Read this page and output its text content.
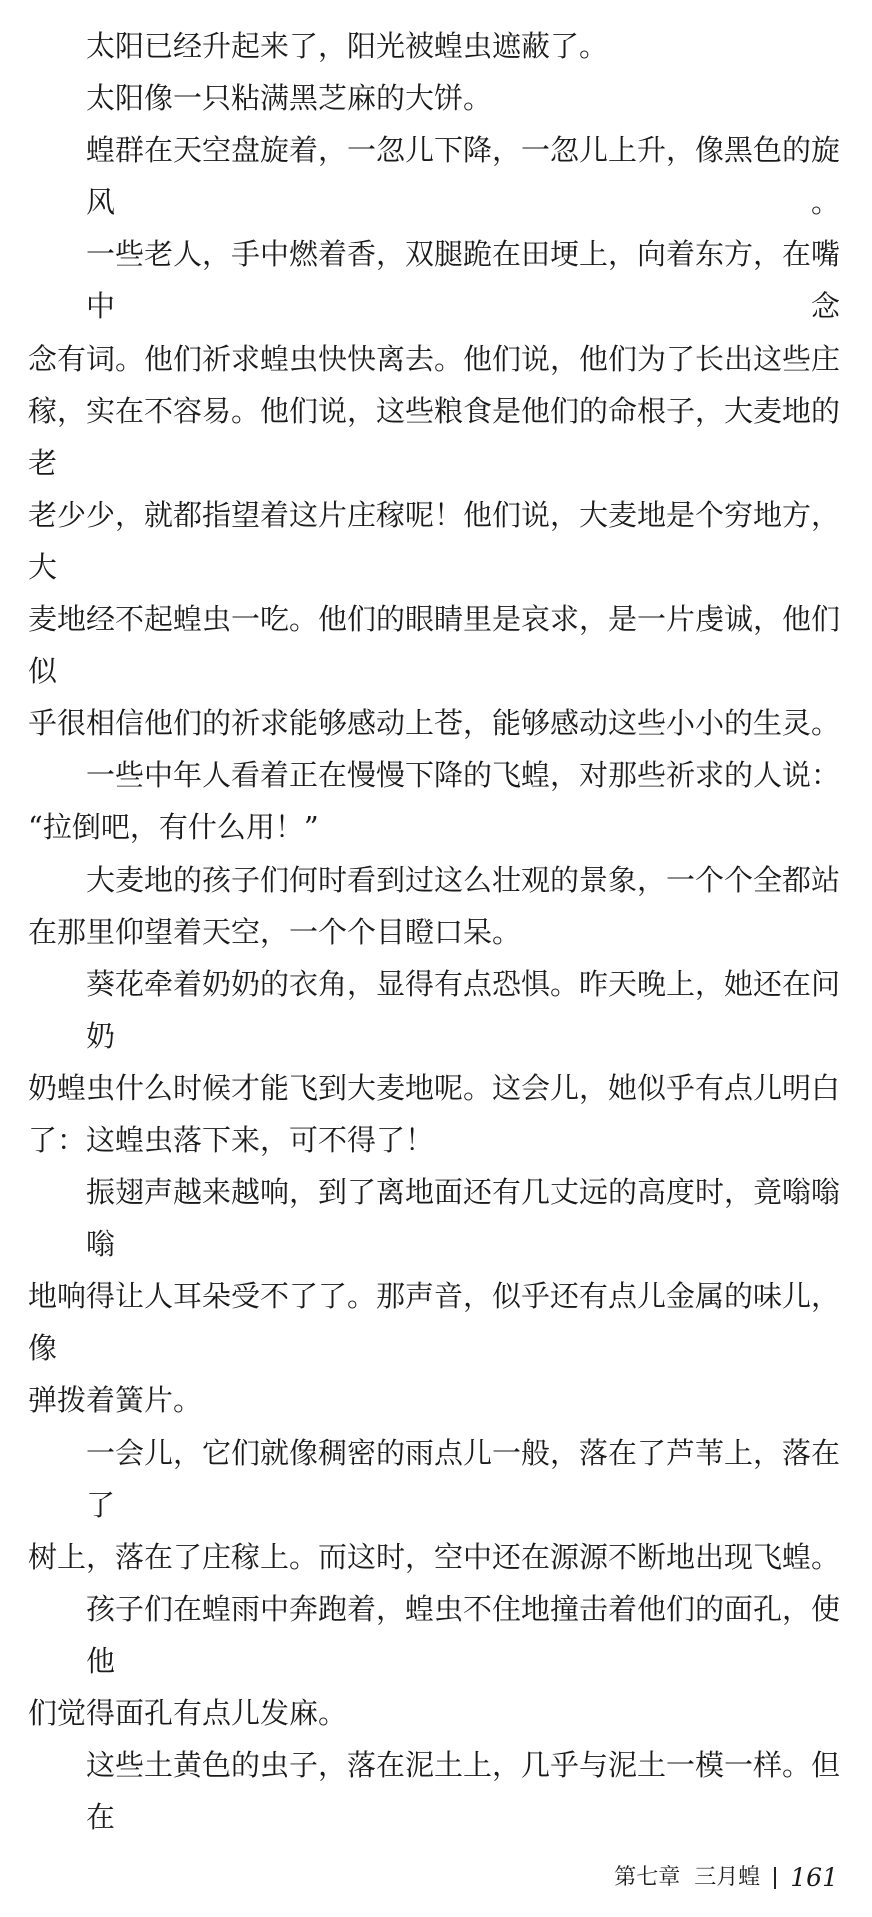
太阳已经升起来了，阳光被蝗虫遮蔽了。
太阳像一只粘满黑芝麻的大饼。
蝗群在天空盘旋着，一忽儿下降，一忽儿上升，像黑色的旋风。
一些老人，手中燃着香，双腿跪在田埂上，向着东方，在嘴中念
念有词。他们祈求蝗虫快快离去。他们说，他们为了长出这些庄
稼，实在不容易。他们说，这些粮食是他们的命根子，大麦地的老
老少少，就都指望着这片庄稼呢！他们说，大麦地是个穷地方，大
麦地经不起蝗虫一吃。他们的眼睛里是哀求，是一片虔诚，他们似
乎很相信他们的祈求能够感动上苍，能够感动这些小小的生灵。
一些中年人看着正在慢慢下降的飞蝗，对那些祈求的人说：
“拉倒吧，有什么用！”
大麦地的孩子们何时看到过这么壮观的景象，一个个全都站
在那里仰望着天空，一个个目瞪口呆。
葵花牵着奶奶的衣角，显得有点恐惧。昨天晚上，她还在问奶
奶蝗虫什么时候才能飞到大麦地呢。这会儿，她似乎有点儿明白
了：这蝗虫落下来，可不得了！
振翅声越来越响，到了离地面还有几丈远的高度时，竟嗡嗡嗡
地响得让人耳朵受不了了。那声音，似乎还有点儿金属的味儿，像
弹拨着簧片。
一会儿，它们就像稠密的雨点儿一般，落在了芦苇上，落在了
树上，落在了庄稼上。而这时，空中还在源源不断地出现飞蝗。
孩子们在蝗雨中奔跑着，蝗虫不住地撞击着他们的面孔，使他
们觉得面孔有点儿发麻。
这些土黄色的虫子，落在泥土上，几乎与泥土一模一样。但在
第七章 三月蝗 161
